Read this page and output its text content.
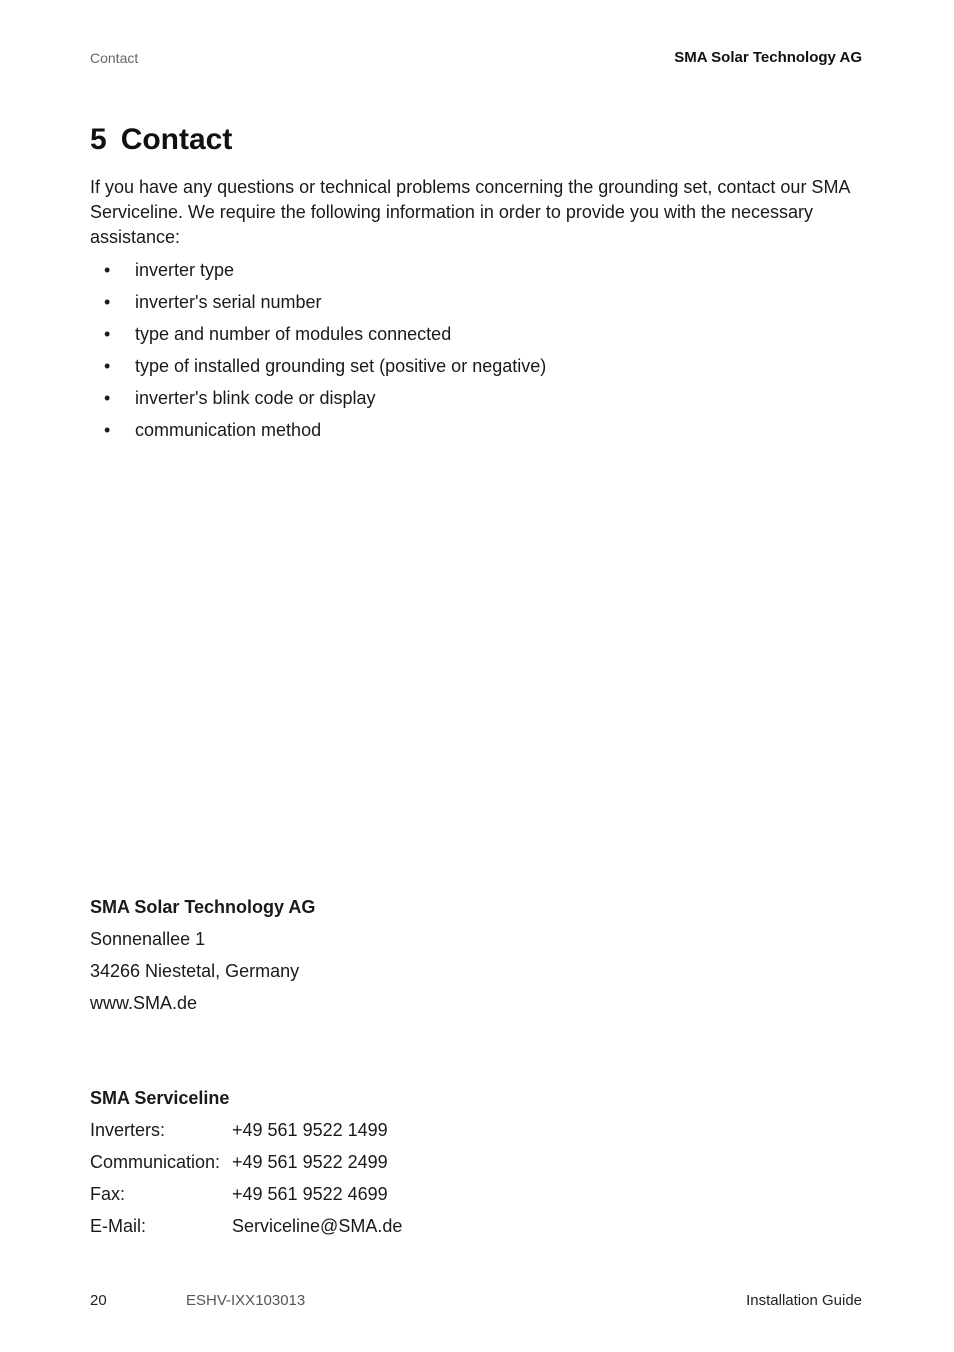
Contact	SMA Solar Technology AG
5 Contact

If you have any questions or technical problems concerning the grounding set, contact our SMA Serviceline. We require the following information in order to provide you with the necessary assistance:

• inverter type
• inverter's serial number
• type and number of modules connected
• type of installed grounding set (positive or negative)
• inverter's blink code or display
• communication method
SMA Solar Technology AG
Sonnenallee 1
34266 Niestetal, Germany
www.SMA.de
SMA Serviceline
Inverters:	+49 561 9522 1499
Communication:	+49 561 9522 2499
Fax:	+49 561 9522 4699
E-Mail:	Serviceline@SMA.de
20	ESHV-IXX103013	Installation Guide
